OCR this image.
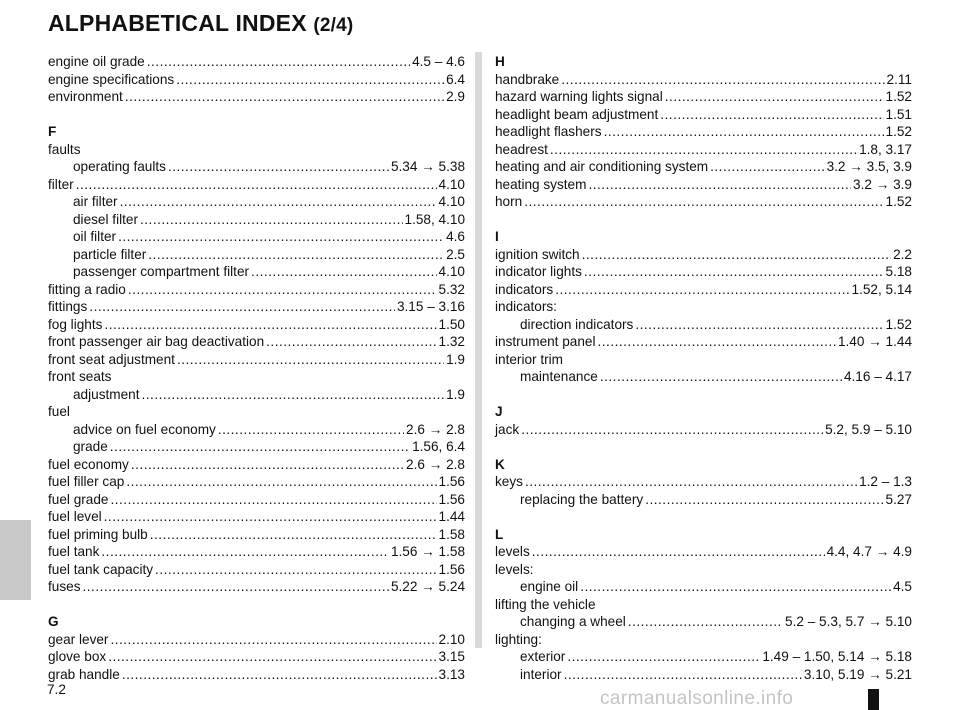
ALPHABETICAL INDEX (2/4)
engine oil grade .....	4.5 – 4.6
engine specifications .....	6.4
environment .....	2.9
F
faults
operating faults .....	5.34 → 5.38
filter .....	4.10
air filter .....	4.10
diesel filter .....	1.58, 4.10
oil filter .....	4.6
particle filter .....	2.5
passenger compartment filter .....	4.10
fitting a radio .....	5.32
fittings .....	3.15 – 3.16
fog lights .....	1.50
front passenger air bag deactivation .....	1.32
front seat adjustment .....	1.9
front seats
adjustment .....	1.9
fuel
advice on fuel economy .....	2.6 → 2.8
grade .....	1.56, 6.4
fuel economy .....	2.6 → 2.8
fuel filler cap .....	1.56
fuel grade .....	1.56
fuel level .....	1.44
fuel priming bulb .....	1.58
fuel tank .....	1.56 → 1.58
fuel tank capacity .....	1.56
fuses .....	5.22 → 5.24
G
gear lever .....	2.10
glove box .....	3.15
grab handle .....	3.13
H
handbrake .....	2.11
hazard warning lights signal .....	1.52
headlight beam adjustment .....	1.51
headlight flashers .....	1.52
headrest .....	1.8, 3.17
heating and air conditioning system .....	3.2 → 3.5, 3.9
heating system .....	3.2 → 3.9
horn .....	1.52
I
ignition switch .....	2.2
indicator lights .....	5.18
indicators .....	1.52, 5.14
indicators:
direction indicators .....	1.52
instrument panel .....	1.40 → 1.44
interior trim
maintenance .....	4.16 – 4.17
J
jack .....	5.2, 5.9 – 5.10
K
keys .....	1.2 – 1.3
replacing the battery .....	5.27
L
levels .....	4.4, 4.7 → 4.9
levels:
engine oil .....	4.5
lifting the vehicle
changing a wheel .....	5.2 – 5.3, 5.7 → 5.10
lighting:
exterior .....	1.49 – 1.50, 5.14 → 5.18
interior .....	3.10, 5.19 → 5.21
7.2	carmanualsonline.info
